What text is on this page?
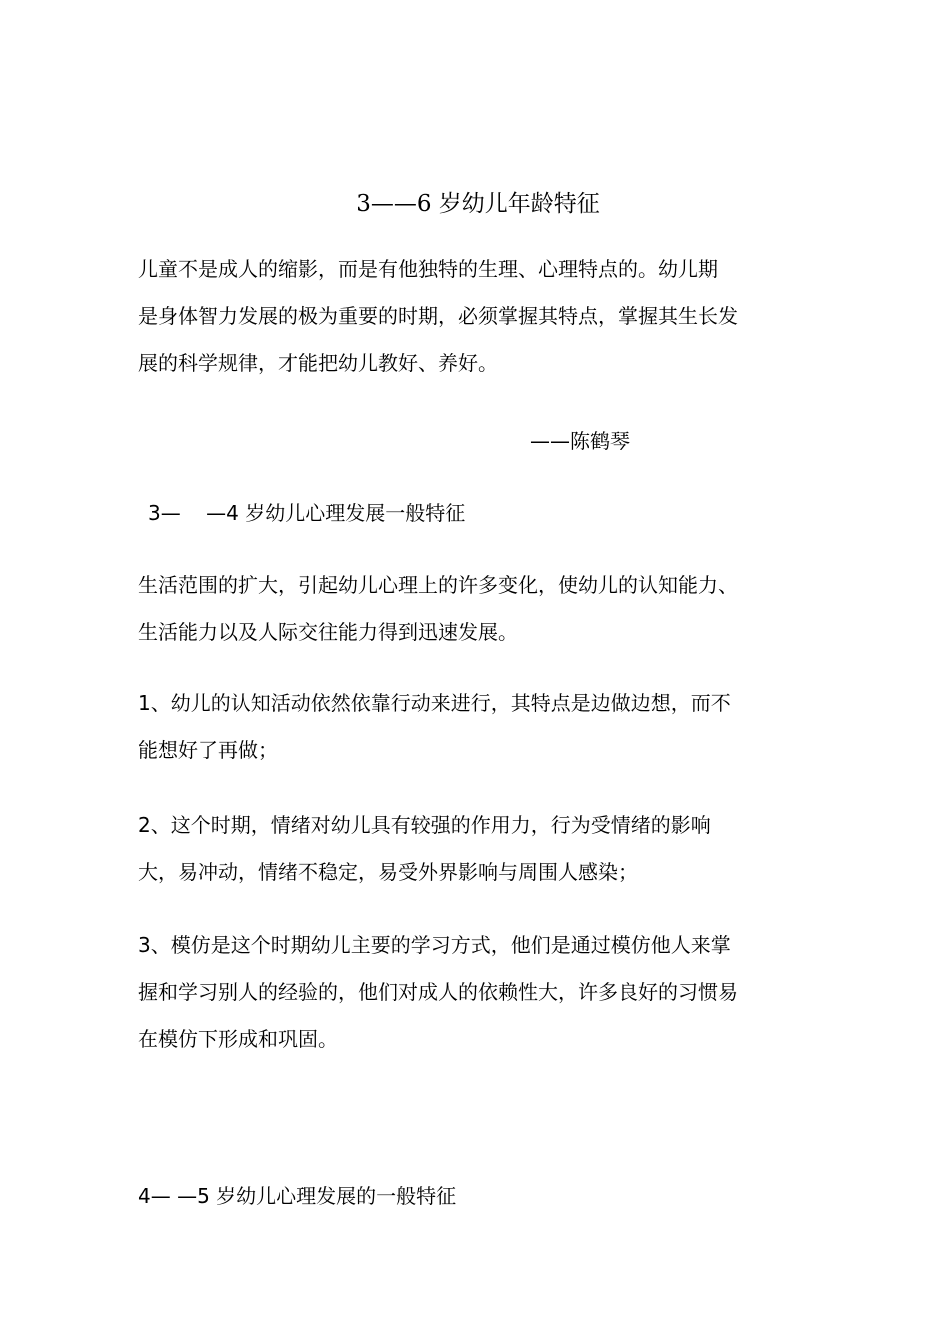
3——6 岁幼儿年龄特征

儿童不是成人的缩影，而是有他独特的生理、心理特点的。幼儿期
是身体智力发展的极为重要的时期，必须掌握其特点，掌握其生长发
展的科学规律，才能把幼儿教好、养好。

——陈鹤琴
3—    —4 岁幼儿心理发展一般特征

生活范围的扩大，引起幼儿心理上的许多变化，使幼儿的认知能力、
生活能力以及人际交往能力得到迅速发展。

1、幼儿的认知活动依然依靠行动来进行，其特点是边做边想，而不
能想好了再做；

2、这个时期，情绪对幼儿具有较强的作用力，行为受情绪的影响
大，易冲动，情绪不稳定，易受外界影响与周围人感染；

3、模仿是这个时期幼儿主要的学习方式，他们是通过模仿他人来掌
握和学习别人的经验的，他们对成人的依赖性大，许多良好的习惯易
在模仿下形成和巩固。

4— —5 岁幼儿心理发展的一般特征
